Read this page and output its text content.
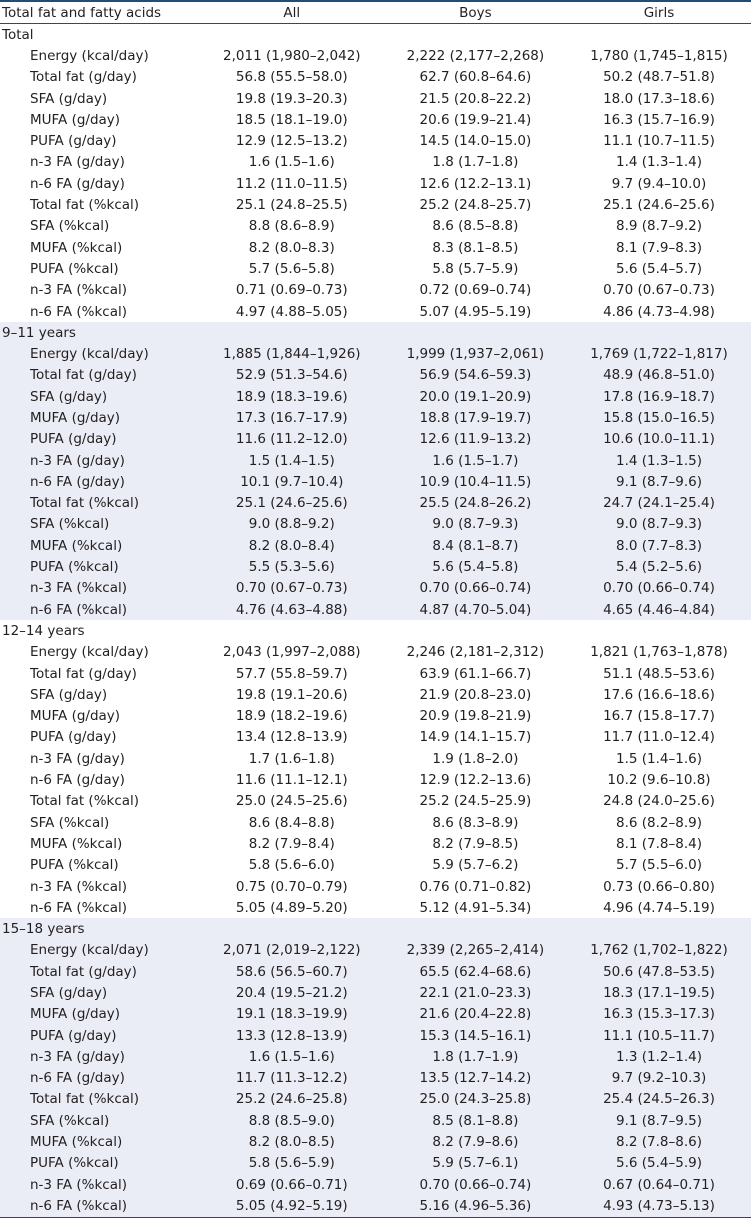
Total fat and fatty acids	All	Boys	Girls
Total
Energy (kcal/day)	2,011 (1,980–2,042)	2,222 (2,177–2,268)	1,780 (1,745–1,815)
Total fat (g/day)	56.8 (55.5–58.0)	62.7 (60.8–64.6)	50.2 (48.7–51.8)
SFA (g/day)	19.8 (19.3–20.3)	21.5 (20.8–22.2)	18.0 (17.3–18.6)
MUFA (g/day)	18.5 (18.1–19.0)	20.6 (19.9–21.4)	16.3 (15.7–16.9)
PUFA (g/day)	12.9 (12.5–13.2)	14.5 (14.0–15.0)	11.1 (10.7–11.5)
n-3 FA (g/day)	1.6 (1.5–1.6)	1.8 (1.7–1.8)	1.4 (1.3–1.4)
n-6 FA (g/day)	11.2 (11.0–11.5)	12.6 (12.2–13.1)	9.7 (9.4–10.0)
Total fat (%kcal)	25.1 (24.8–25.5)	25.2 (24.8–25.7)	25.1 (24.6–25.6)
SFA (%kcal)	8.8 (8.6–8.9)	8.6 (8.5–8.8)	8.9 (8.7–9.2)
MUFA (%kcal)	8.2 (8.0–8.3)	8.3 (8.1–8.5)	8.1 (7.9–8.3)
PUFA (%kcal)	5.7 (5.6–5.8)	5.8 (5.7–5.9)	5.6 (5.4–5.7)
n-3 FA (%kcal)	0.71 (0.69–0.73)	0.72 (0.69–0.74)	0.70 (0.67–0.73)
n-6 FA (%kcal)	4.97 (4.88–5.05)	5.07 (4.95–5.19)	4.86 (4.73–4.98)
9–11 years
Energy (kcal/day)	1,885 (1,844–1,926)	1,999 (1,937–2,061)	1,769 (1,722–1,817)
Total fat (g/day)	52.9 (51.3–54.6)	56.9 (54.6–59.3)	48.9 (46.8–51.0)
SFA (g/day)	18.9 (18.3–19.6)	20.0 (19.1–20.9)	17.8 (16.9–18.7)
MUFA (g/day)	17.3 (16.7–17.9)	18.8 (17.9–19.7)	15.8 (15.0–16.5)
PUFA (g/day)	11.6 (11.2–12.0)	12.6 (11.9–13.2)	10.6 (10.0–11.1)
n-3 FA (g/day)	1.5 (1.4–1.5)	1.6 (1.5–1.7)	1.4 (1.3–1.5)
n-6 FA (g/day)	10.1 (9.7–10.4)	10.9 (10.4–11.5)	9.1 (8.7–9.6)
Total fat (%kcal)	25.1 (24.6–25.6)	25.5 (24.8–26.2)	24.7 (24.1–25.4)
SFA (%kcal)	9.0 (8.8–9.2)	9.0 (8.7–9.3)	9.0 (8.7–9.3)
MUFA (%kcal)	8.2 (8.0–8.4)	8.4 (8.1–8.7)	8.0 (7.7–8.3)
PUFA (%kcal)	5.5 (5.3–5.6)	5.6 (5.4–5.8)	5.4 (5.2–5.6)
n-3 FA (%kcal)	0.70 (0.67–0.73)	0.70 (0.66–0.74)	0.70 (0.66–0.74)
n-6 FA (%kcal)	4.76 (4.63–4.88)	4.87 (4.70–5.04)	4.65 (4.46–4.84)
12–14 years
Energy (kcal/day)	2,043 (1,997–2,088)	2,246 (2,181–2,312)	1,821 (1,763–1,878)
Total fat (g/day)	57.7 (55.8–59.7)	63.9 (61.1–66.7)	51.1 (48.5–53.6)
SFA (g/day)	19.8 (19.1–20.6)	21.9 (20.8–23.0)	17.6 (16.6–18.6)
MUFA (g/day)	18.9 (18.2–19.6)	20.9 (19.8–21.9)	16.7 (15.8–17.7)
PUFA (g/day)	13.4 (12.8–13.9)	14.9 (14.1–15.7)	11.7 (11.0–12.4)
n-3 FA (g/day)	1.7 (1.6–1.8)	1.9 (1.8–2.0)	1.5 (1.4–1.6)
n-6 FA (g/day)	11.6 (11.1–12.1)	12.9 (12.2–13.6)	10.2 (9.6–10.8)
Total fat (%kcal)	25.0 (24.5–25.6)	25.2 (24.5–25.9)	24.8 (24.0–25.6)
SFA (%kcal)	8.6 (8.4–8.8)	8.6 (8.3–8.9)	8.6 (8.2–8.9)
MUFA (%kcal)	8.2 (7.9–8.4)	8.2 (7.9–8.5)	8.1 (7.8–8.4)
PUFA (%kcal)	5.8 (5.6–6.0)	5.9 (5.7–6.2)	5.7 (5.5–6.0)
n-3 FA (%kcal)	0.75 (0.70–0.79)	0.76 (0.71–0.82)	0.73 (0.66–0.80)
n-6 FA (%kcal)	5.05 (4.89–5.20)	5.12 (4.91–5.34)	4.96 (4.74–5.19)
15–18 years
Energy (kcal/day)	2,071 (2,019–2,122)	2,339 (2,265–2,414)	1,762 (1,702–1,822)
Total fat (g/day)	58.6 (56.5–60.7)	65.5 (62.4–68.6)	50.6 (47.8–53.5)
SFA (g/day)	20.4 (19.5–21.2)	22.1 (21.0–23.3)	18.3 (17.1–19.5)
MUFA (g/day)	19.1 (18.3–19.9)	21.6 (20.4–22.8)	16.3 (15.3–17.3)
PUFA (g/day)	13.3 (12.8–13.9)	15.3 (14.5–16.1)	11.1 (10.5–11.7)
n-3 FA (g/day)	1.6 (1.5–1.6)	1.8 (1.7–1.9)	1.3 (1.2–1.4)
n-6 FA (g/day)	11.7 (11.3–12.2)	13.5 (12.7–14.2)	9.7 (9.2–10.3)
Total fat (%kcal)	25.2 (24.6–25.8)	25.0 (24.3–25.8)	25.4 (24.5–26.3)
SFA (%kcal)	8.8 (8.5–9.0)	8.5 (8.1–8.8)	9.1 (8.7–9.5)
MUFA (%kcal)	8.2 (8.0–8.5)	8.2 (7.9–8.6)	8.2 (7.8–8.6)
PUFA (%kcal)	5.8 (5.6–5.9)	5.9 (5.7–6.1)	5.6 (5.4–5.9)
n-3 FA (%kcal)	0.69 (0.66–0.71)	0.70 (0.66–0.74)	0.67 (0.64–0.71)
n-6 FA (%kcal)	5.05 (4.92–5.19)	5.16 (4.96–5.36)	4.93 (4.73–5.13)
